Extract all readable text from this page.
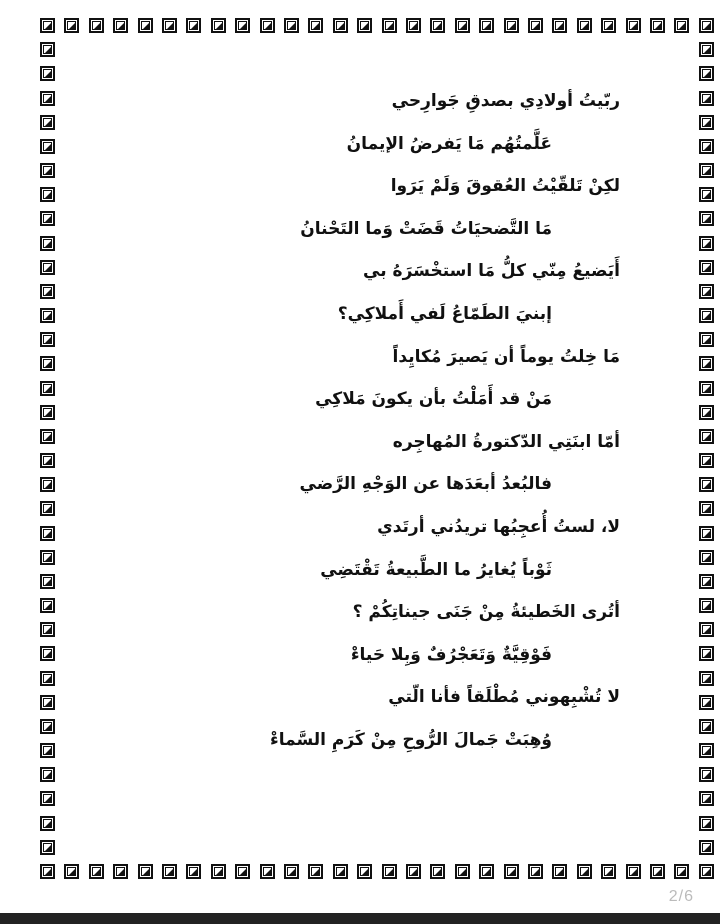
ربّيتُ أولادِي بصدقِ جَوارِحي
عَلَّمتُهُم مَا يَفرضُ الإيمانُ
لكِنْ تَلقّيْتُ العُقوقَ وَلَمْ يَرَوا
مَا التَّضحيَاتُ قَضَتْ وَما التَحْنانُ
أَيَضيعُ مِنّي كلُّ مَا استخْسَرَهُ بي
إبنيَ الطَمّاعُ لَفي أَملاكِي؟
مَا خِلتُ يوماً أن يَصيرَ مُكايِداً
مَنْ قد أَمَلْتُ بأن يكونَ مَلاكِي
أمّا ابنَتِي الدّكتورةُ المُهاجِره
فالبُعدُ أبعَدَها عن الوَجْهِ الرَّضي
لا، لستُ أُعجِبُها تريدُني أرتَدي
ثَوْباً يُغايرُ ما الطَّبيعةُ تَقْتَضِي
أتُرى الخَطيئةُ مِنْ جَنَى جيناتِكُمْ ؟
فَوْقِيَّةٌ وَتَعَجْرُفٌ وَبِلا حَياءْ
لا تُشْبِهوني مُطْلَقاً فأنا الّتي
وُهِبَتْ جَمالَ الرُّوحِ مِنْ كَرَمِ السَّماءْ
2/6
